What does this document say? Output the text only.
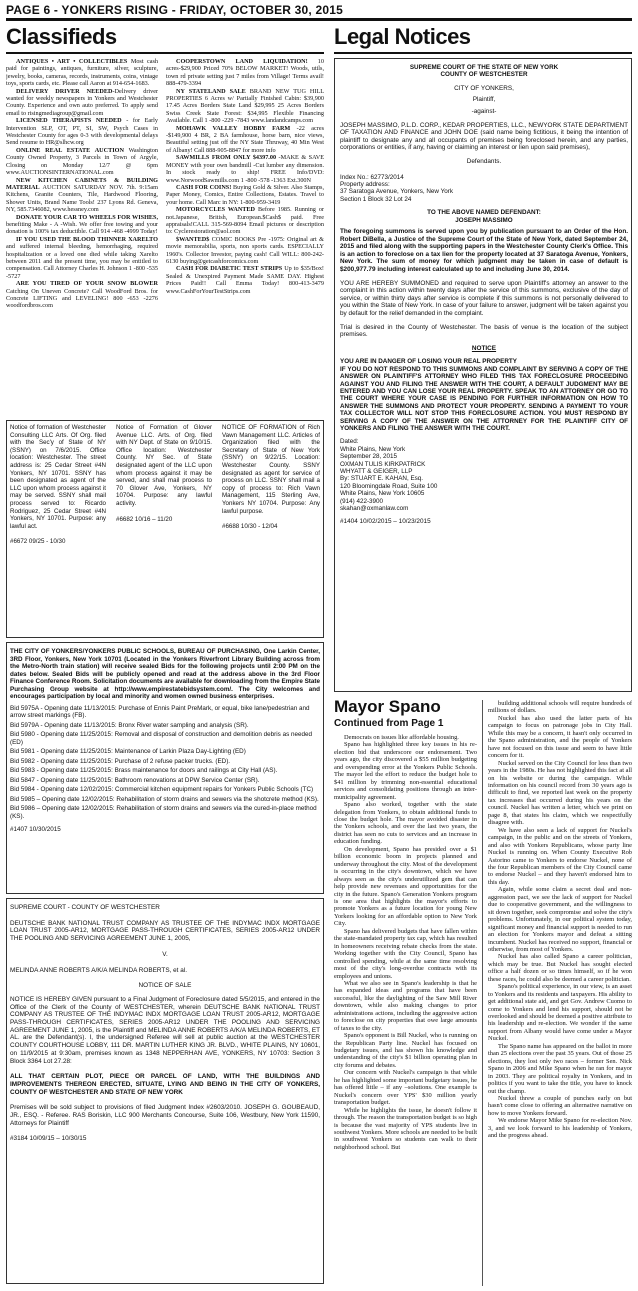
PAGE 6 - YONKERS RISING - FRIDAY, OCTOBER 30, 2015
Classifieds	Legal Notices

ANTIQUES • ART • COLLECTIBLES Most cash paid for paintings, antiques, furniture, silver, sculpture, jewelry, books, cameras, records, instruments, coins, vintage toys, sports cards, etc. Please call Aaron at 914-654-1683.

DELIVERY DRIVER NEEDED-Delivery driver wanted for weekly newspapers in Yonkers and Westchester County. Experience and own auto preferred. To apply send email to risingmediagroup@gmail.com

LICENSED THERAPISTS NEEDED - for Early Intervention SLP, OT, PT, SI, SW, Psych Cases in Westchester County for ages 0-3 with developmental delays Send resume to HR@slhcw.org

ONLINE REAL ESTATE AUCTION Washington County Owned Property, 3 Parcels in Town of Argyle, Closing on Monday 12/7 @ 6pm www.AUCTIONSINTERNATIONAL.com

NEW KITCHEN CABINETS & BUILDING MATERIAL AUCTION SATURDAY NOV. 7th. 9:15am Kitchens, Granite Counters, Tile, Hardwood Flooring, Shower Units, Brand Name Tools! 237 Lyons Rd. Geneva, NY, 585.7346082, www.hessney.com

DONATE YOUR CAR TO WHEELS FOR WISHES, benefiting Make - A -Wish. We offer free towing and your donation is 100% tax deductible. Call 914 -468 -4999 Today!

IF YOU USED THE BLOOD THINNER XARELTO and suffered internal bleeding, hemorrhaging, required hospitalization or a loved one died while taking Xarelto between 2011 and the present time, you may be entitled to compensation. Call Attorney Charles H. Johnson 1 -800 -535 -5727

ARE YOU TIRED OF YOUR SNOW BLOWER Catching On Uneven Concrete? Call WoodFord Bros. for Concrete LIFTING and LEVELING! 800 -653 -2276 woodfordbros.com

COOPERSTOWN LAND LIQUIDATION! 10 acres-$29,900 Priced 70% BELOW MARKET! Woods, utils, town rd private setting just 7 miles from Village! Terms avail! 888-479-3394

NY STATELAND SALE BRAND NEW TUG HILL PROPERTIES 6 Acres w/ Partially Finished Cabin: $39,900 17.45 Acres Borders State Land $29,995 25 Acres Borders Swiss Creek State Forest: $34,995 Flexible Financing Available. Call 1 -800 -229 -7843 www.landandcamps.com

MOHAWK VALLEY HOBBY FARM -22 acres -$149,900 4 BR, 2 BA farmhouse, horse barn, nice views, Beautiful setting just off the NY State Thruway, 40 Min West of Albany! Call 888-905-8847 for more info

SAWMILLS FROM ONLY $4397.00 -MAKE & SAVE MONEY with your own bandmill -Cut lumber any dimension. In stock ready to ship! FREE Info/DVD: www.NorwoodSawmills.com 1 -800 -578 -1363 Ext.300N

CASH FOR COINS! Buying Gold & Silver. Also Stamps, Paper Money, Comics, Entire Collections, Estates. Travel to your home. Call Marc in NY: 1-800-959-3419

MOTORCYCLES WANTED Before 1985. Running or not.Japanese, British, European.$Cash$ paid. Free appraisals!CALL 315-569-8094 Email pictures or description to: Cyclerestoration@aol.com

$WANTED$ COMIC BOOKS Pre -1975: Original art & movie memorabilia, sports, non sports cards. ESPECIALLY 1960's. Collector Investor, paying cash! Call WILL: 800-242-6130 buying@getcashforcomics.com

CASH FOR DIABETIC TEST STRIPS Up to $35/Box! Sealed & Unexpired Payment Made SAME DAY. Highest Prices Paid!! Call Emma Today! 800-413-3479 www.CashForYourTestStrips.com

Notice of formation of Westchester Consulting LLC Arts. Of Org. filed with the Sec'y of State of NY (SSNY) on 7/6/2015. Office location: Westchester. The street address is: 25 Cedar Street #4N Yonkers, NY 10701. SSNY has been designated as agent of the LLC upon whom process against it may be served. SSNY shall mail process served to: Ricardo Rodriguez, 25 Cedar Street #4N Yonkers, NY 10701. Purpose: any lawful act.

#6672 09/25 - 10/30

Notice of Formation of Glover Avenue LLC. Arts. of Org. filed with NY Dept. of State on 9/10/15. Office location: Westchester County. NY Sec. of State designated agent of the LLC upon whom process against it may be served, and shall mail process to 70 Glover Ave, Yonkers, NY 10704. Purpose: any lawful activity.

#6682 10/16 – 11/20

NOTICE OF FORMATION of Rich Vawn Management LLC. Articles of Organization filed with the Secretary of State of New York (SSNY) on 9/22/15. Location: Westchester County. SSNY designated as agent for service of process on LLC. SSNY shall mail a copy of process to: Rich Vawn Management, 115 Sterling Ave, Yonkers NY 10704. Purpose: Any lawful purpose.

#6688 10/30 - 12/04

THE CITY OF YONKERS/YONKERS PUBLIC SCHOOLS, BUREAU OF PURCHASING, One Larkin Center, 3RD Floor, Yonkers, New York 10701 (Located in the Yonkers Riverfront Library Building across from the Metro-North train station) will receive sealed Bids for the following projects until 2:00 PM on the dates below. Sealed Bids will be publicly opened and read at the address above in the 3rd Floor Finance Conference Room. Solicitation documents are available for downloading from the Empire State Purchasing Group website at http://www.empirestatebidsystem.com/. The City welcomes and encourages participation by local and minority and women owned business enterprises.

Bid 5975A - Opening date 11/13/2015: Purchase of Ennis Paint PreMark, or equal, bike lane/pedestrian and arrow street markings (FB).

Bid 5979A - Opening date 11/13/2015: Bronx River water sampling and analysis (SR).

Bid 5980 - Opening date 11/25/2015: Removal and disposal of construction and demolition debris as needed (ED)

Bid 5981 - Opening date 11/25/2015: Maintenance of Larkin Plaza Day-Lighting (ED)

Bid 5982 - Opening date 11/25/2015: Purchase of 2 refuse packer trucks. (ED).

Bid 5983 - Opening date 11/25/2015: Brass maintenance for doors and railings at City Hall (AS).

Bid 5847 - Opening date 11/25/2015: Bathroom renovations at DPW Service Center (SR).

Bid 5984 - Opening date 12/02/2015: Commercial kitchen equipment repairs for Yonkers Public Schools (TC)

Bid 5985 – Opening date 12/02/2015: Rehabilitation of storm drains and sewers via the shotcrete method (KS).

Bid 5986 – Opening date 12/02/2015: Rehabilitation of storm drains and sewers via the cured-in-place method (KS).

#1407 10/30/2015

SUPREME COURT - COUNTY OF WESTCHESTER

DEUTSCHE BANK NATIONAL TRUST COMPANY AS TRUSTEE OF THE INDYMAC INDX MORTGAGE LOAN TRUST 2005-AR12, MORTGAGE PASS-THROUGH CERTIFICATES, SERIES 2005-AR12 UNDER THE POOLING AND SERVICING AGREEMENT JUNE 1, 2005,

V.

MELINDA ANNE ROBERTS A/K/A MELINDA ROBERTS, et al.

NOTICE OF SALE

NOTICE IS HEREBY GIVEN pursuant to a Final Judgment of Foreclosure dated 5/5/2015, and entered in the Office of the Clerk of the County of WESTCHESTER, wherein DEUTSCHE BANK NATIONAL TRUST COMPANY AS TRUSTEE OF THE INDYMAC INDX MORTGAGE LOAN TRUST 2005-AR12, MORTGAGE PASS-THROUGH CERTIFICATES, SERIES 2005-AR12 UNDER THE POOLING AND SERVICING AGREEMENT JUNE 1, 2005, is the Plaintiff and MELINDA ANNE ROBERTS A/K/A MELINDA ROBERTS, ET AL. are the Defendant(s). I, the undersigned Referee will sell at public auction at the WESTCHESTER COUNTY COURTHOUSE LOBBY, 111 DR. MARTIN LUTHER KING JR. BLVD., WHITE PLAINS, NY 10601, on 11/9/2015 at 9:30am, premises known as 1348 NEPPERHAN AVE, YONKERS, NY 10703: Section 3 Block 3364 Lot 27.28:

ALL THAT CERTAIN PLOT, PIECE OR PARCEL OF LAND, WITH THE BUILDINGS AND IMPROVEMENTS THEREON ERECTED, SITUATE, LYING AND BEING IN THE CITY OF YONKERS, COUNTY OF WESTCHESTER AND STATE OF NEW YORK

Premises will be sold subject to provisions of filed Judgment Index #2603/2010. JOSEPH G. GOUBEAUD, JR., ESQ. - Referee. RAS Boriskin, LLC 900 Merchants Concourse, Suite 106, Westbury, New York 11590, Attorneys for Plaintiff

#3184 10/09/15 – 10/30/15

SUPREME COURT OF THE STATE OF NEW YORK
COUNTY OF WESTCHESTER

CITY OF YONKERS,

Plaintiff,

-against-

JOSEPH MASSIMO, P.L.D. CORP., KEDAR PROPERTIES, LLC., NEWYORK STATE DEPARTMENT OF TAXATION AND FINANCE and JOHN DOE (said name being fictitious, it being the intention of plaintiff to designate any and all occupants of premises being foreclosed herein, and any parties, corporations or entities, if any, having or claiming an interest or lien upon said premises),

Defendants.

Index No.: 62773/2014
Property address:
37 Saratoga Avenue, Yonkers, New York
Section 1 Block 32 Lot 24

TO THE ABOVE NAMED DEFENDANT:
JOSEPH MASSIMO

The foregoing summons is served upon you by publication pursuant to an Order of the Hon. Robert DiBella, a Justice of the Supreme Court of the State of New York, dated September 24, 2015 and filed along with the supporting papers in the Westchester County Clerk's Office. This is an action to foreclose on a tax lien for the property located at 37 Saratoga Avenue, Yonkers, New York. The sum of money for which judgment may be taken in case of default is $200,977.79 including interest calculated up to and including June 30, 2014.

YOU ARE HEREBY SUMMONED and required to serve upon Plaintiff's attorney an answer to the complaint in this action within twenty days after the service of this summons, exclusive of the day of service, or within thirty days after service is complete if this summons is not personally delivered to you within the State of New York. In case of your failure to answer, judgment will be taken against you by default for the relief demanded in the complaint.

Trial is desired in the County of Westchester. The basis of venue is the location of the subject premises.

NOTICE

YOU ARE IN DANGER OF LOSING YOUR REAL PROPERTY
IF YOU DO NOT RESPOND TO THIS SUMMONS AND COMPLAINT BY SERVING A COPY OF THE ANSWER ON PLAINTIFF'S ATTORNEY WHO FILED THIS TAX FORECLOSURE PROCEEDING AGAINST YOU AND FILING THE ANSWER WITH THE COURT, A DEFAULT JUDGMENT MAY BE ENTERED AND YOU CAN LOSE YOUR REAL PROPERTY. SPEAK TO AN ATTORNEY OR GO TO THE COURT WHERE YOUR CASE IS PENDING FOR FURTHER INFORMATION ON HOW TO ANSWER THE SUMMONS AND PROTECT YOUR PROPERTY. SENDING A PAYMENT TO YOUR TAX COLLECTOR WILL NOT STOP THIS FORECLOSURE ACTION. YOU MUST RESPOND BY SERVING A COPY OF THE ANSWER ON THE ATTORNEY FOR THE PLAINTIFF CITY OF YONKERS AND FILING THE ANSWER WITH THE COURT.

Dated:
White Plains, New York
September 28, 2015
OXMAN TULIS KIRKPATRICK
WHYATT & GEIGER, LLP
By: STUART E. KAHAN, Esq.
120 Bloomingdale Road, Suite 100
White Plains, New York 10605
(914) 422-3900
skahan@oxmanlaw.com

#1404 10/02/2015 – 10/23/2015

Mayor Spano
Continued from Page 1

Democrats on issues like affordable housing.

Spano has highlighted three key issues in his re-election bid that underscore our endorsement. Two years ago, the city discovered a $55 million budgeting and overspending error at the Yonkers Public Schools. The mayor led the effort to reduce the budget hole to $41 million by trimming non-essential educational services and consolidating positions through an inter-municipality agreement.

Spano also worked, together with the state delegation from Yonkers, to obtain additional funds to close the budget hole. The mayor avoided disaster in the Yonkers schools, and over the last two years, the district has seen no cuts to services and an increase in education funding.

On development, Spano has presided over a $1 billion economic boom in projects planned and underway throughout the city. Most of the development is occurring in the city's downtown, which we have always seen as the city's underutilized gem that can help provide new revenues and opportunities for the city in the future. Spano's Generation Yonkers program is one area that highlights the mayor's efforts to promote Yonkers as a future location for young New Yorkers looking for an affordable option to New York City.

Spano has delivered budgets that have fallen within the state-mandated property tax cap, which has resulted in homeowners receiving rebate checks from the state. Working together with the City Council, Spano has controlled spending, while at the same time resolving most of the city's long-overdue contracts with its employees and unions.

What we also see in Spano's leadership is that he has expanded ideas and programs that have been successful, like the daylighting of the Saw Mill River downtown, while also making changes to prior administrations actions, including the aggressive action to foreclose on city properties that owe large amounts of taxes to the city.

Spano's opponent is Bill Nuckel, who is running on the Republican Party line. Nuckel has focused on budgetary issues, and has shown his knowledge and understanding of the city's $1 billion operating plan in city forums and debates.

Our concern with Nuckel's campaign is that while he has highlighted some important budgetary issues, he has offered little – if any –solutions. One example is Nuckel's concern over YPS' $30 million yearly transportation budget.

While he highlights the issue, he doesn't follow it through. The reason the transportation budget is so high is because the vast majority of YPS students live in southwest Yonkers. More schools are needed to be built in southwest Yonkers so students can walk to their neighborhood school. But

building additional schools will require hundreds of millions of dollars.

Nuckel has also used the latter parts of his campaign to focus on patronage jobs in City Hall. While this may be a concern, it hasn't only occurred in the Spano administration, and the people of Yonkers have not focused on this issue and seem to have little concern for it.

Nuckel served on the City Council for less than two years in the 1980s. He has not highlighted this fact at all on his website or during the campaign. While information on his council record from 30 years ago is difficult to find, we reported last week on the property tax increases that occurred during his years on the council. Nuckel has written a letter, which we print on page 8, that states his claim, which we respectfully disagree with.

We have also seen a lack of support for Nuckel's campaign, in the public and on the streets of Yonkers, and also with Yonkers Republicans, whose party line Nuckel is running on. When County Executive Rob Astorino came to Yonkers to endorse Nuckel, none of the four Republican members of the City Council came to endorse Nuckel – and they haven't endorsed him to this day.

Again, while some claim a secret deal and non-aggression pact, we see the lack of support for Nuckel due to cooperative government, and the willingness to sit down together, seek compromise and solve the city's problems. Unfortunately, in our political system today, significant money and financial support is needed to run an election for Yonkers mayor and defeat a sitting incumbent. Nuckel has received no support, financial or otherwise, from most of Yonkers.

Nuckel has also called Spano a career politician, which may be true. But Nuckel has sought elected office a half dozen or so times himself, so if he won these races, he could also be deemed a career politician.

Spano's political experience, in our view, is an asset to Yonkers and its residents and taxpayers. His ability to get additional state aid, and get Gov. Andrew Cuomo to come to Yonkers and lend his support, should not be overlooked and should be deemed a positive attribute to his leadership and re-election. We wonder if the same support from Albany would have come under a Mayor Nuckel.

The Spano name has appeared on the ballot in more than 25 elections over the past 35 years. Out of those 25 elections, they lost only two races – former Sen. Nick Spano in 2006 and Mike Spano when he ran for mayor in 2003. They are political royalty in Yonkers, and in politics if you want to take the title, you have to knock out the champ.

Nuckel threw a couple of punches early on but hasn't come close to offering an alternative narrative on how to move Yonkers forward.

We endorse Mayor Mike Spano for re-election Nov. 3, and we look forward to his leadership of Yonkers, and the progress ahead.
